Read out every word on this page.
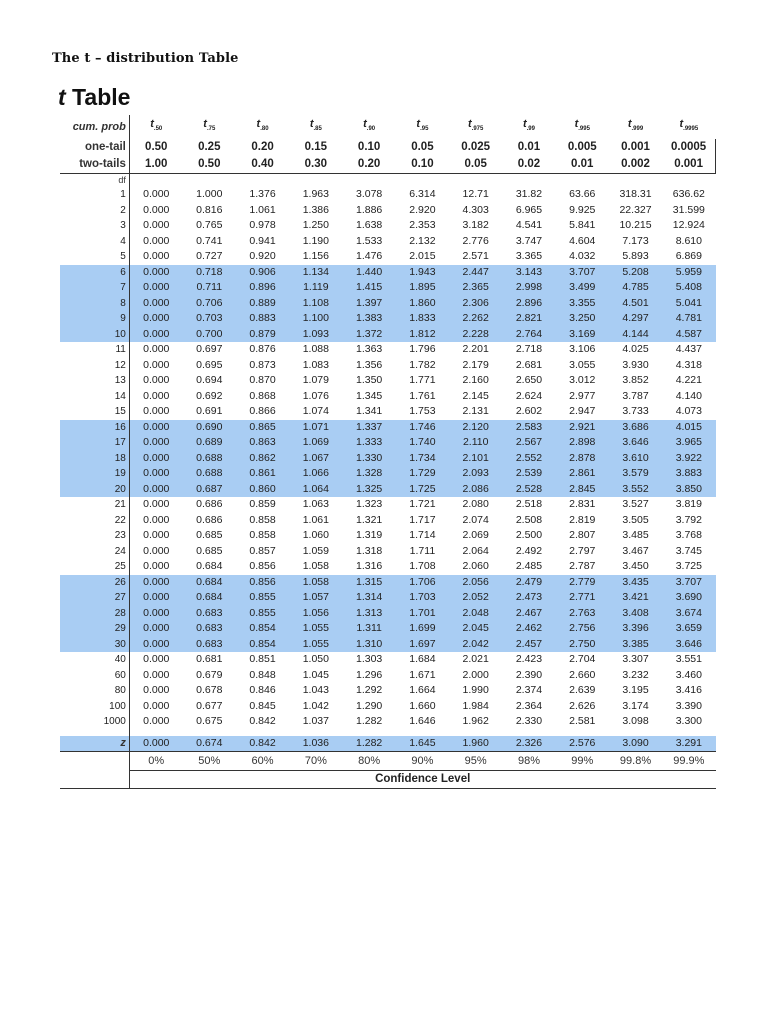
The t – distribution Table
t Table
cum. prob	$t_{.50}$	$t_{.75}$	$t_{.80}$	$t_{.85}$	$t_{.90}$	$t_{.95}$	$t_{.975}$	$t_{.99}$	$t_{.995}$	$t_{.999}$	$t_{.9995}$
one-tail	0.50	0.25	0.20	0.15	0.10	0.05	0.025	0.01	0.005	0.001	0.0005
two-tails	1.00	0.50	0.40	0.30	0.20	0.10	0.05	0.02	0.01	0.002	0.001
df											
1	0.000	1.000	1.376	1.963	3.078	6.314	12.71	31.82	63.66	318.31	636.62
2	0.000	0.816	1.061	1.386	1.886	2.920	4.303	6.965	9.925	22.327	31.599
3	0.000	0.765	0.978	1.250	1.638	2.353	3.182	4.541	5.841	10.215	12.924
4	0.000	0.741	0.941	1.190	1.533	2.132	2.776	3.747	4.604	7.173	8.610
5	0.000	0.727	0.920	1.156	1.476	2.015	2.571	3.365	4.032	5.893	6.869
6	0.000	0.718	0.906	1.134	1.440	1.943	2.447	3.143	3.707	5.208	5.959
7	0.000	0.711	0.896	1.119	1.415	1.895	2.365	2.998	3.499	4.785	5.408
8	0.000	0.706	0.889	1.108	1.397	1.860	2.306	2.896	3.355	4.501	5.041
9	0.000	0.703	0.883	1.100	1.383	1.833	2.262	2.821	3.250	4.297	4.781
10	0.000	0.700	0.879	1.093	1.372	1.812	2.228	2.764	3.169	4.144	4.587
11	0.000	0.697	0.876	1.088	1.363	1.796	2.201	2.718	3.106	4.025	4.437
12	0.000	0.695	0.873	1.083	1.356	1.782	2.179	2.681	3.055	3.930	4.318
13	0.000	0.694	0.870	1.079	1.350	1.771	2.160	2.650	3.012	3.852	4.221
14	0.000	0.692	0.868	1.076	1.345	1.761	2.145	2.624	2.977	3.787	4.140
15	0.000	0.691	0.866	1.074	1.341	1.753	2.131	2.602	2.947	3.733	4.073
16	0.000	0.690	0.865	1.071	1.337	1.746	2.120	2.583	2.921	3.686	4.015
17	0.000	0.689	0.863	1.069	1.333	1.740	2.110	2.567	2.898	3.646	3.965
18	0.000	0.688	0.862	1.067	1.330	1.734	2.101	2.552	2.878	3.610	3.922
19	0.000	0.688	0.861	1.066	1.328	1.729	2.093	2.539	2.861	3.579	3.883
20	0.000	0.687	0.860	1.064	1.325	1.725	2.086	2.528	2.845	3.552	3.850
21	0.000	0.686	0.859	1.063	1.323	1.721	2.080	2.518	2.831	3.527	3.819
22	0.000	0.686	0.858	1.061	1.321	1.717	2.074	2.508	2.819	3.505	3.792
23	0.000	0.685	0.858	1.060	1.319	1.714	2.069	2.500	2.807	3.485	3.768
24	0.000	0.685	0.857	1.059	1.318	1.711	2.064	2.492	2.797	3.467	3.745
25	0.000	0.684	0.856	1.058	1.316	1.708	2.060	2.485	2.787	3.450	3.725
26	0.000	0.684	0.856	1.058	1.315	1.706	2.056	2.479	2.779	3.435	3.707
27	0.000	0.684	0.855	1.057	1.314	1.703	2.052	2.473	2.771	3.421	3.690
28	0.000	0.683	0.855	1.056	1.313	1.701	2.048	2.467	2.763	3.408	3.674
29	0.000	0.683	0.854	1.055	1.311	1.699	2.045	2.462	2.756	3.396	3.659
30	0.000	0.683	0.854	1.055	1.310	1.697	2.042	2.457	2.750	3.385	3.646
40	0.000	0.681	0.851	1.050	1.303	1.684	2.021	2.423	2.704	3.307	3.551
60	0.000	0.679	0.848	1.045	1.296	1.671	2.000	2.390	2.660	3.232	3.460
80	0.000	0.678	0.846	1.043	1.292	1.664	1.990	2.374	2.639	3.195	3.416
100	0.000	0.677	0.845	1.042	1.290	1.660	1.984	2.364	2.626	3.174	3.390
1000	0.000	0.675	0.842	1.037	1.282	1.646	1.962	2.330	2.581	3.098	3.300

z	0.000	0.674	0.842	1.036	1.282	1.645	1.960	2.326	2.576	3.090	3.291
	0%	50%	60%	70%	80%	90%	95%	98%	99%	99.8%	99.9%
	Confidence Level										
